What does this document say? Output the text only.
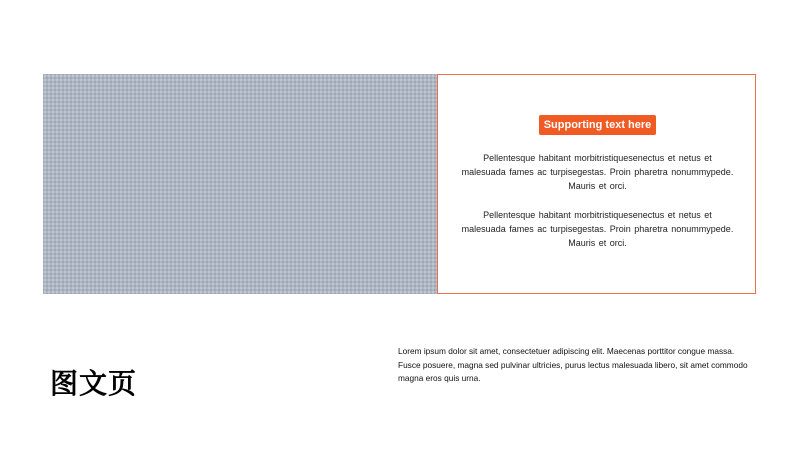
Supporting text here

Pellentesque habitant morbitristiquesenectus et netus et malesuada fames ac turpisegestas. Proin pharetra nonummypede. Mauris et orci.

Pellentesque habitant morbitristiquesenectus et netus et malesuada fames ac turpisegestas. Proin pharetra nonummypede. Mauris et orci.

图文页

Lorem ipsum dolor sit amet, consectetuer adipiscing elit. Maecenas porttitor congue massa. Fusce posuere, magna sed pulvinar ultricies, purus lectus malesuada libero, sit amet commodo magna eros quis urna.
